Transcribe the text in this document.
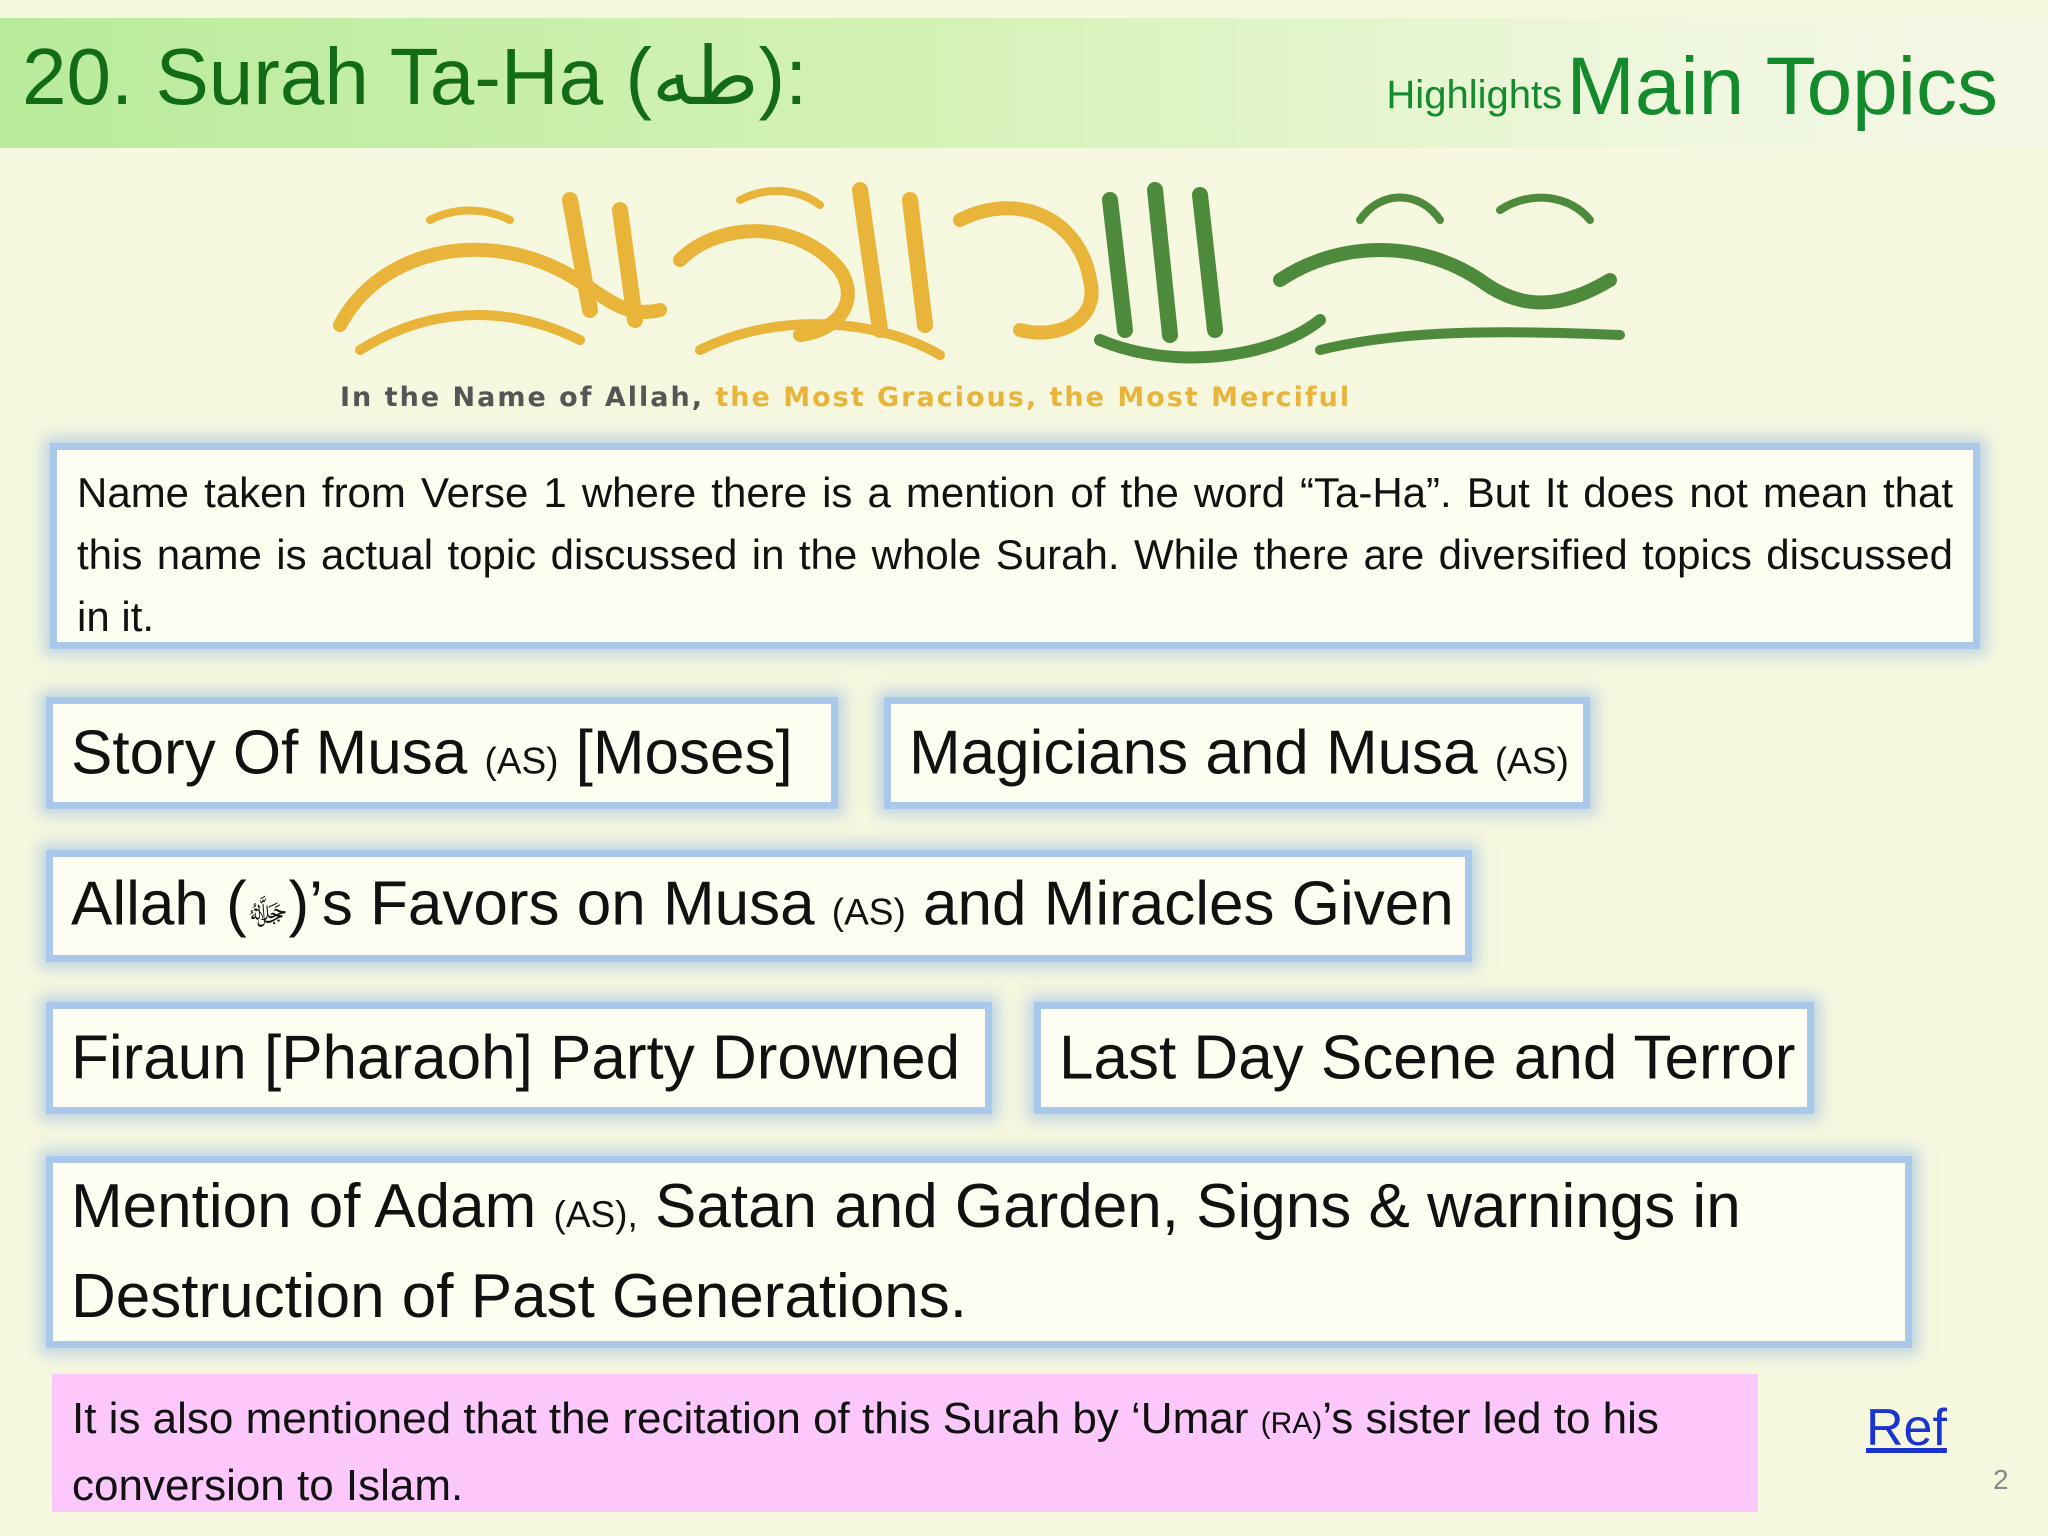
20. Surah Ta-Ha (طه):	Highlights Main Topics
In the Name of Allah, the Most Gracious, the Most Merciful
Name taken from Verse 1 where there is a mention of the word “Ta-Ha”. But It does not mean that this name is actual topic discussed in the whole Surah. While there are diversified topics discussed in it.
Story Of Musa (AS) [Moses] Magicians and Musa (AS)
Allah (ﷻ)’s Favors on Musa (AS) and Miracles Given
Firaun [Pharaoh] Party Drowned Last Day Scene and Terror
Mention of Adam (AS), Satan and Garden, Signs & warnings in
Destruction of Past Generations.
It is also mentioned that the recitation of this Surah by ‘Umar (RA)’s sister led to his conversion to Islam.
Ref
2
